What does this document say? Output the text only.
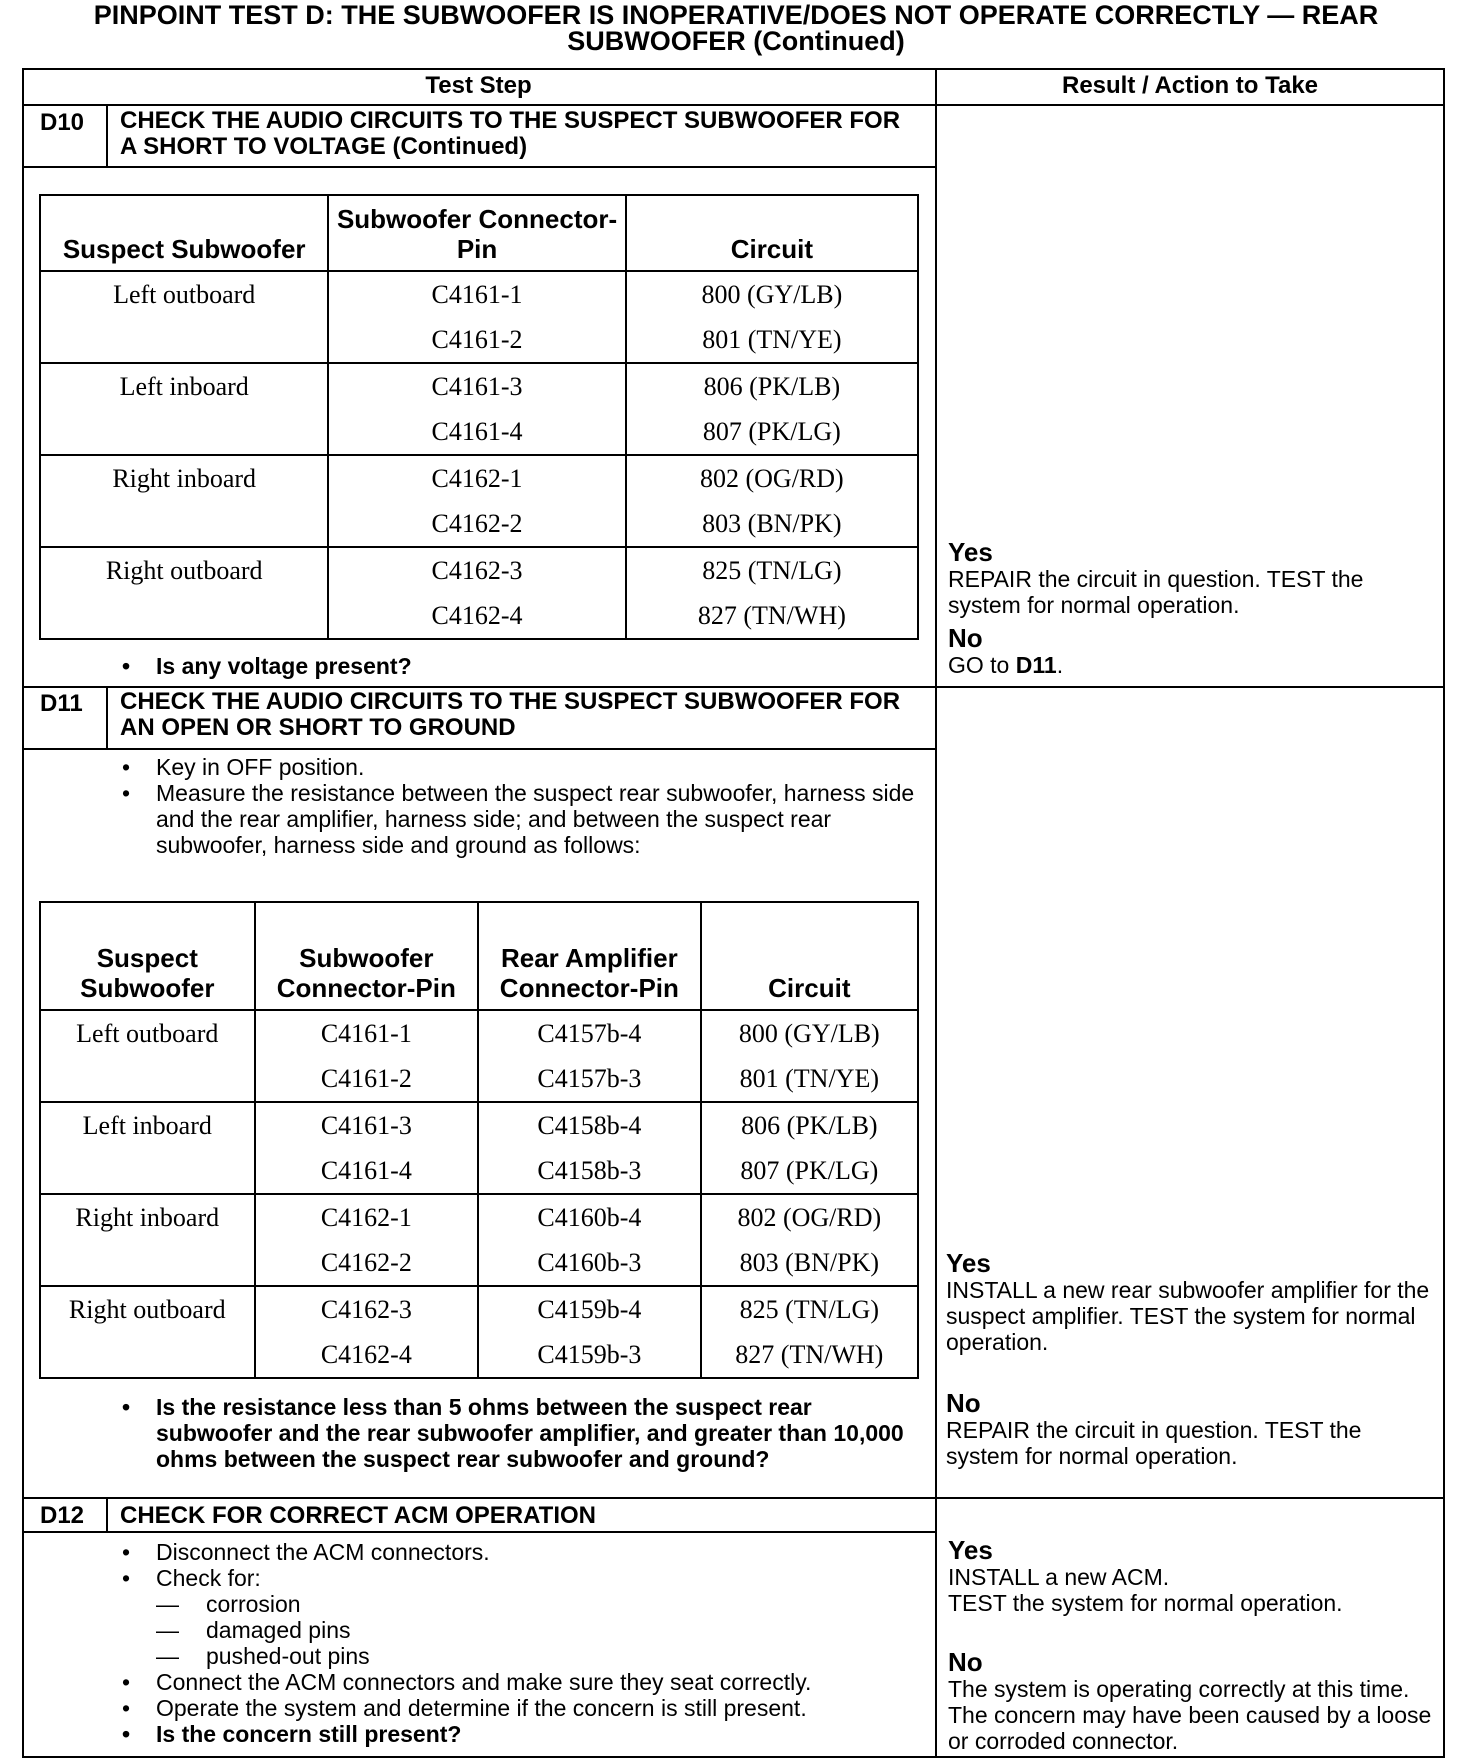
PINPOINT TEST D: THE SUBWOOFER IS INOPERATIVE/DOES NOT OPERATE CORRECTLY — REAR
SUBWOOFER (Continued)
Test Step	Result / Action to Take
D10 CHECK THE AUDIO CIRCUITS TO THE SUSPECT SUBWOOFER FOR A SHORT TO VOLTAGE (Continued)
Suspect Subwoofer	Subwoofer Connector-Pin	Circuit
Left outboard	C4161-1	800 (GY/LB)
	C4161-2	801 (TN/YE)
Left inboard	C4161-3	806 (PK/LB)
	C4161-4	807 (PK/LG)
Right inboard	C4162-1	802 (OG/RD)
	C4162-2	803 (BN/PK)
Right outboard	C4162-3	825 (TN/LG)
	C4162-4	827 (TN/WH)
• Is any voltage present?
Yes
REPAIR the circuit in question. TEST the system for normal operation.
No
GO to D11.
D11 CHECK THE AUDIO CIRCUITS TO THE SUSPECT SUBWOOFER FOR AN OPEN OR SHORT TO GROUND
• Key in OFF position.
• Measure the resistance between the suspect rear subwoofer, harness side and the rear amplifier, harness side; and between the suspect rear subwoofer, harness side and ground as follows:
Suspect Subwoofer	Subwoofer Connector-Pin	Rear Amplifier Connector-Pin	Circuit
Left outboard	C4161-1	C4157b-4	800 (GY/LB)
	C4161-2	C4157b-3	801 (TN/YE)
Left inboard	C4161-3	C4158b-4	806 (PK/LB)
	C4161-4	C4158b-3	807 (PK/LG)
Right inboard	C4162-1	C4160b-4	802 (OG/RD)
	C4162-2	C4160b-3	803 (BN/PK)
Right outboard	C4162-3	C4159b-4	825 (TN/LG)
	C4162-4	C4159b-3	827 (TN/WH)
• Is the resistance less than 5 ohms between the suspect rear subwoofer and the rear subwoofer amplifier, and greater than 10,000 ohms between the suspect rear subwoofer and ground?
Yes
INSTALL a new rear subwoofer amplifier for the suspect amplifier. TEST the system for normal operation.
No
REPAIR the circuit in question. TEST the system for normal operation.
D12 CHECK FOR CORRECT ACM OPERATION
• Disconnect the ACM connectors.
• Check for:
— corrosion
— damaged pins
— pushed-out pins
• Connect the ACM connectors and make sure they seat correctly.
• Operate the system and determine if the concern is still present.
• Is the concern still present?
Yes
INSTALL a new ACM.
TEST the system for normal operation.
No
The system is operating correctly at this time. The concern may have been caused by a loose or corroded connector.
